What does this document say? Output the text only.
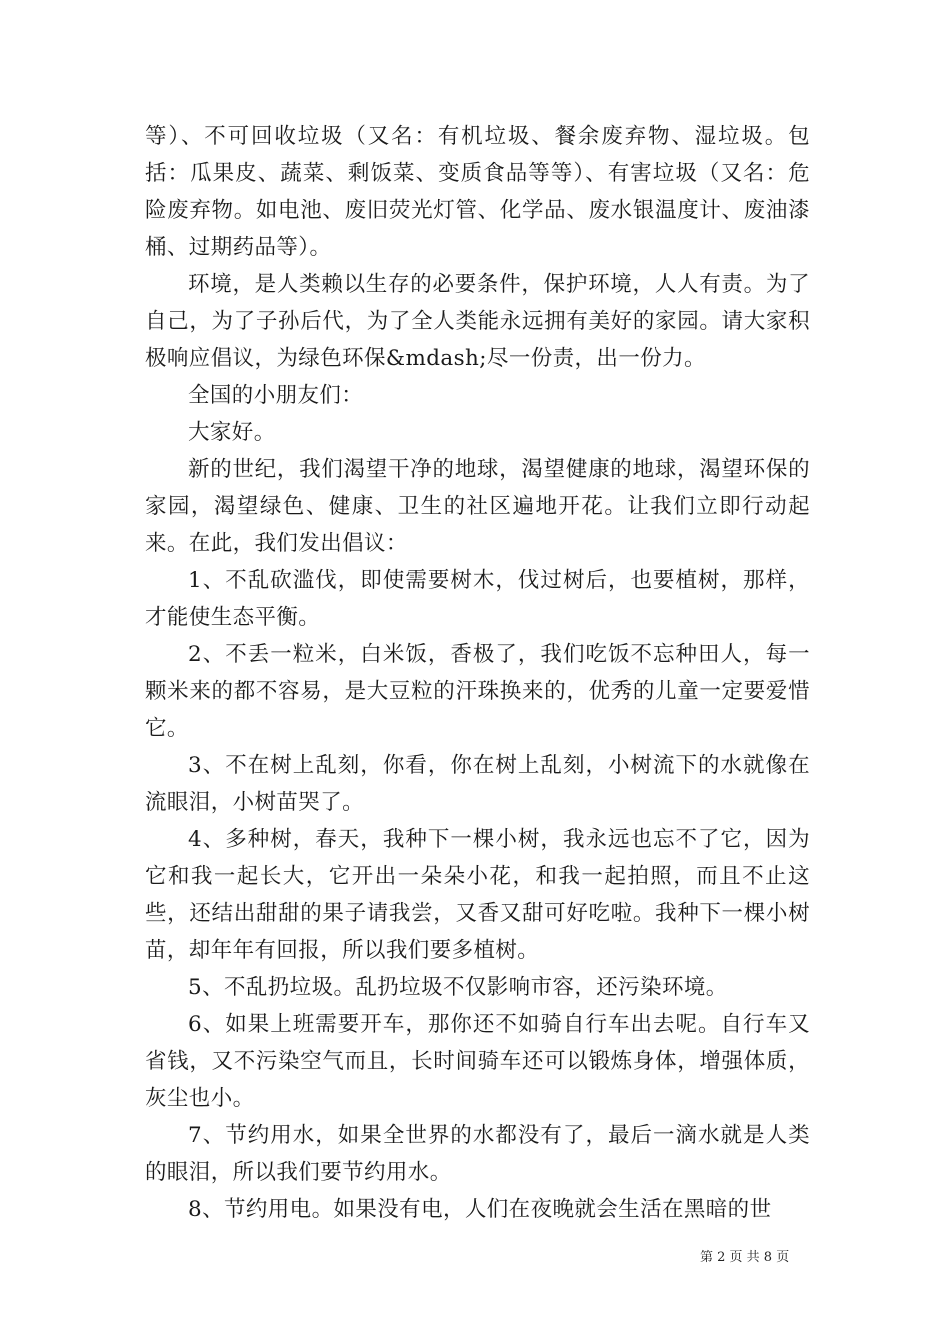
等）、不可回收垃圾（又名：有机垃圾、餐余废弃物、湿垃圾。包括：瓜果皮、蔬菜、剩饭菜、变质食品等等）、有害垃圾（又名：危险废弃物。如电池、废旧荧光灯管、化学品、废水银温度计、废油漆桶、过期药品等）。

环境，是人类赖以生存的必要条件，保护环境，人人有责。为了自己，为了子孙后代，为了全人类能永远拥有美好的家园。请大家积极响应倡议，为绿色环保&mdash;尽一份责，出一份力。

全国的小朋友们：

大家好。

新的世纪，我们渴望干净的地球，渴望健康的地球，渴望环保的家园，渴望绿色、健康、卫生的社区遍地开花。让我们立即行动起来。在此，我们发出倡议：

1、不乱砍滥伐，即使需要树木，伐过树后，也要植树，那样，才能使生态平衡。

2、不丢一粒米，白米饭，香极了，我们吃饭不忘种田人，每一颗米来的都不容易，是大豆粒的汗珠换来的，优秀的儿童一定要爱惜它。

3、不在树上乱刻，你看，你在树上乱刻，小树流下的水就像在流眼泪，小树苗哭了。

4、多种树，春天，我种下一棵小树，我永远也忘不了它，因为它和我一起长大，它开出一朵朵小花，和我一起拍照，而且不止这些，还结出甜甜的果子请我尝，又香又甜可好吃啦。我种下一棵小树苗，却年年有回报，所以我们要多植树。

5、不乱扔垃圾。乱扔垃圾不仅影响市容，还污染环境。

6、如果上班需要开车，那你还不如骑自行车出去呢。自行车又省钱，又不污染空气而且，长时间骑车还可以锻炼身体，增强体质，灰尘也小。

7、节约用水，如果全世界的水都没有了，最后一滴水就是人类的眼泪，所以我们要节约用水。

8、节约用电。如果没有电，人们在夜晚就会生活在黑暗的世

第 2 页 共 8 页
